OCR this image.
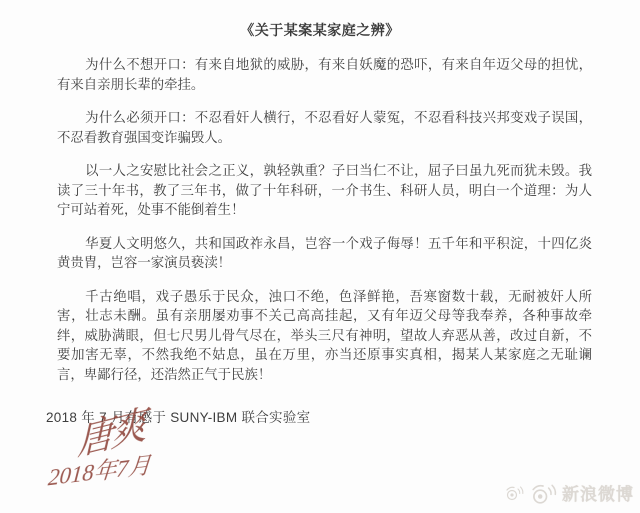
《关于某案某家庭之辨》

为什么不想开口：有来自地狱的威胁，有来自妖魔的恐吓，有来自年迈父母的担忧，有来自亲朋长辈的牵挂。

为什么必须开口：不忍看奸人横行，不忍看好人蒙冤，不忍看科技兴邦变戏子误国，不忍看教育强国变诈骗毁人。

以一人之安慰比社会之正义，孰轻孰重？子曰当仁不让，屈子曰虽九死而犹未毁。我读了三十年书，教了三年书，做了十年科研，一介书生、科研人员，明白一个道理：为人宁可站着死，处事不能倒着生！

华夏人文明悠久，共和国政祚永昌，岂容一个戏子侮辱！五千年和平积淀，十四亿炎黄贵胄，岂容一家演员亵渎！

千古绝唱，戏子愚乐于民众，浊口不绝，色泽鲜艳，吾寒窗数十载，无耐被奸人所害，壮志未酬。虽有亲朋屡劝事不关己高高挂起，又有年迈父母等我奉养，各种事故牵绊，威胁满眼，但七尺男儿骨气尽在，举头三尺有神明，望故人弃恶从善，改过自新，不要加害无辜，不然我绝不姑息，虽在万里，亦当还原事实真相，揭某人某家庭之无耻谰言，卑鄙行径，还浩然正气于民族！

2018 年 7 月有感于 SUNY-IBM 联合实验室
唐爽
2018年7月
新浪微博
